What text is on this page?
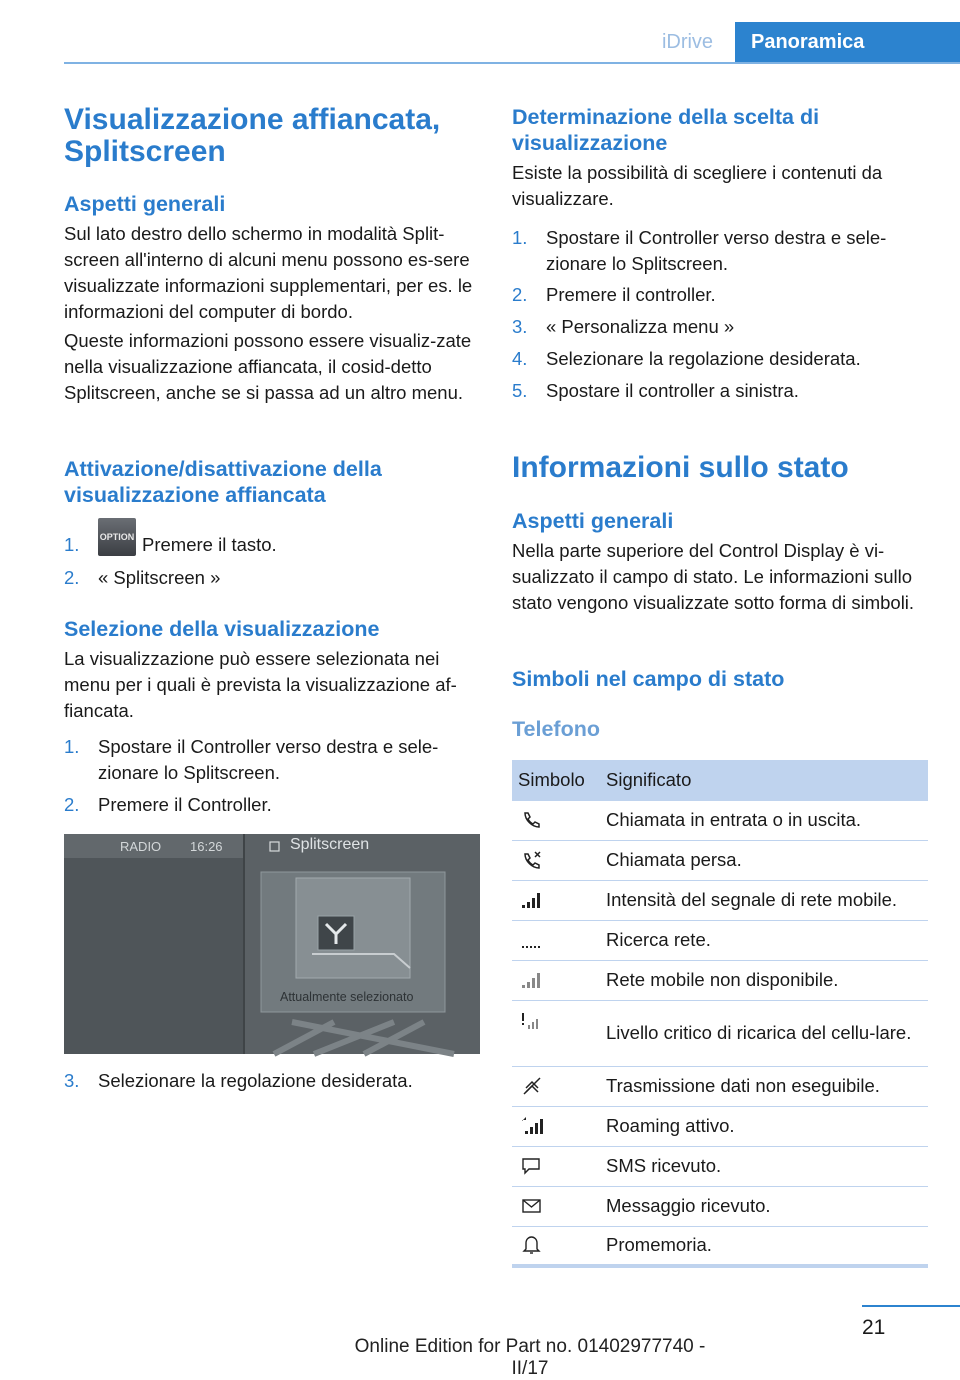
iDrive	Panoramica
Visualizzazione affiancata, Splitscreen
Aspetti generali
Sul lato destro dello schermo in modalità Split‐screen all'interno di alcuni menu possono es‐sere visualizzate informazioni supplementari, per es. le informazioni del computer di bordo.
Queste informazioni possono essere visualiz‐zate nella visualizzazione affiancata, il cosid‐detto Splitscreen, anche se si passa ad un altro menu.
Attivazione/disattivazione della visualizzazione affiancata
1.	OPTION Premere il tasto.
2.	« Splitscreen »
Selezione della visualizzazione
La visualizzazione può essere selezionata nei menu per i quali è prevista la visualizzazione af‐fiancata.
1.	Spostare il Controller verso destra e sele‐zionare lo Splitscreen.
2.	Premere il Controller.
RADIO 16:26	Splitscreen
Attualmente selezionato
3.	Selezionare la regolazione desiderata.
Determinazione della scelta di visualizzazione
Esiste la possibilità di scegliere i contenuti da visualizzare.
1.	Spostare il Controller verso destra e sele‐zionare lo Splitscreen.
2.	Premere il controller.
3.	« Personalizza menu »
4.	Selezionare la regolazione desiderata.
5.	Spostare il controller a sinistra.
Informazioni sullo stato
Aspetti generali
Nella parte superiore del Control Display è vi‐sualizzato il campo di stato. Le informazioni sullo stato vengono visualizzate sotto forma di simboli.
Simboli nel campo di stato
Telefono
Simbolo	Significato

	Chiamata in entrata o in uscita.

	Chiamata persa.

	Intensità del segnale di rete mobile.

	Ricerca rete.

	Rete mobile non disponibile.

	Livello critico di ricarica del cellu‐lare.

	Trasmissione dati non eseguibile.

	Roaming attivo.

	SMS ricevuto.

	Messaggio ricevuto.

	Promemoria.
21
Online Edition for Part no. 01402977740 - II/17
